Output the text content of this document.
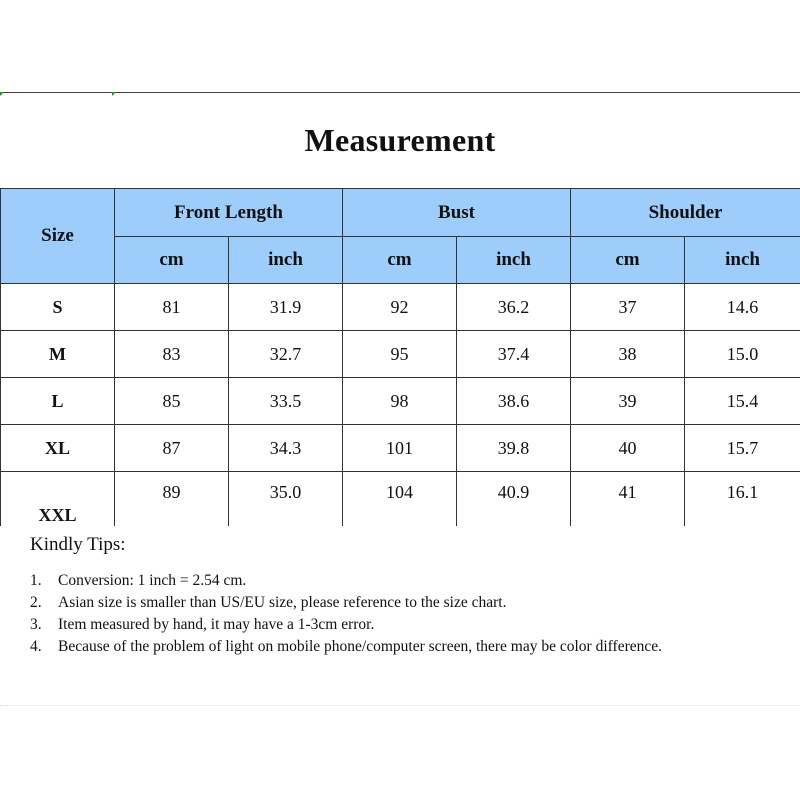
Measurement
Size	Front Length		Bust		Shoulder	
	cm	inch	cm	inch	cm	inch
S	81	31.9	92	36.2	37	14.6
M	83	32.7	95	37.4	38	15.0
L	85	33.5	98	38.6	39	15.4
XL	87	34.3	101	39.8	40	15.7
XXL	89	35.0	104	40.9	41	16.1
Kindly Tips:
1. Conversion: 1 inch = 2.54 cm.
2. Asian size is smaller than US/EU size, please reference to the size chart.
3. Item measured by hand, it may have a 1-3cm error.
4. Because of the problem of light on mobile phone/computer screen, there may be color difference.
